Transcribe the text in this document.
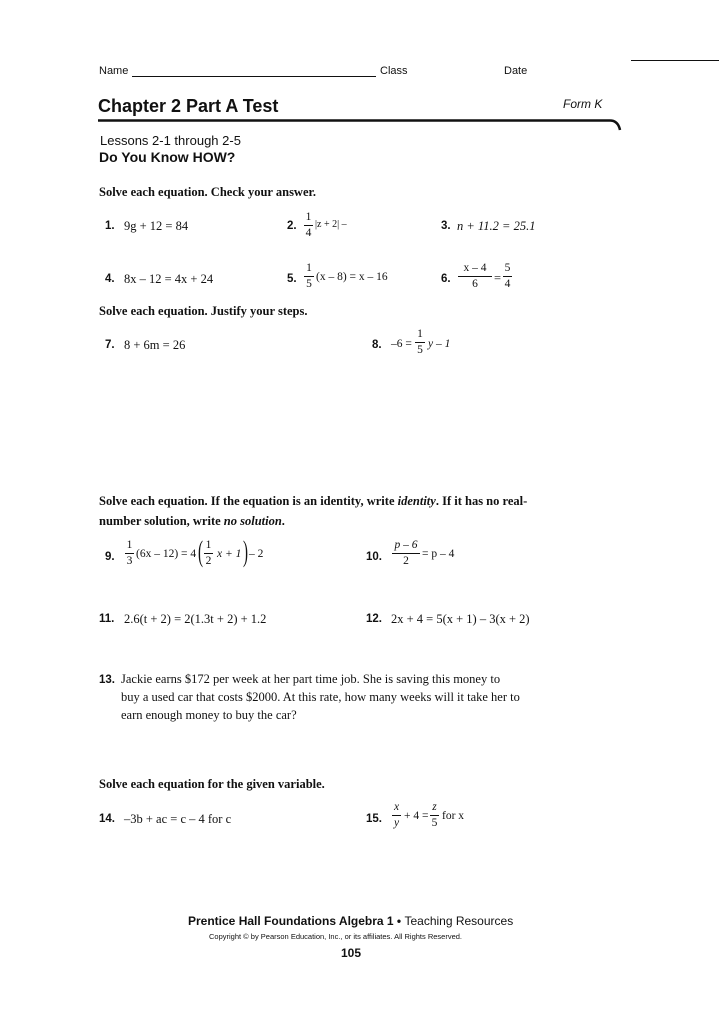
Name	Class	Date
Chapter 2 Part A Test	Form K
Lessons 2-1 through 2-5
Do You Know HOW?
Solve each equation. Check your answer.
1. 9g + 12 = 84	2.
1
4
|z + 2| –	3. n + 11.2 = 25.1
4. 8x – 12 = 4x + 24	5.
1
5
(x – 8) = x – 16	6.
x – 4
6	=
5
4
Solve each equation. Justify your steps.
7. 8 + 6m = 26	8. –6 =
1
5 y – 1
Solve each equation. If the equation is an identity, write identity. If it has no real-
number solution, write no solution.
9.
1
3
(6x – 12) = 4 ( 1
2
x + 1 ) – 2	10.
p – 6
2
= p – 4
11. 2.6(t + 2) = 2(1.3t + 2) + 1.2	12. 2x + 4 = 5(x + 1) – 3(x + 2)
13. Jackie earns $172 per week at her part time job. She is saving this money to
buy a used car that costs $2000. At this rate, how many weeks will it take her to
earn enough money to buy the car?
Solve each equation for the given variable.
14. –3b + ac = c – 4 for c	15.
x
y
+ 4 =
z
5
for x
Prentice Hall Foundations Algebra 1 • Teaching Resources
Copyright © by Pearson Education, Inc., or its affiliates. All Rights Reserved.
105
